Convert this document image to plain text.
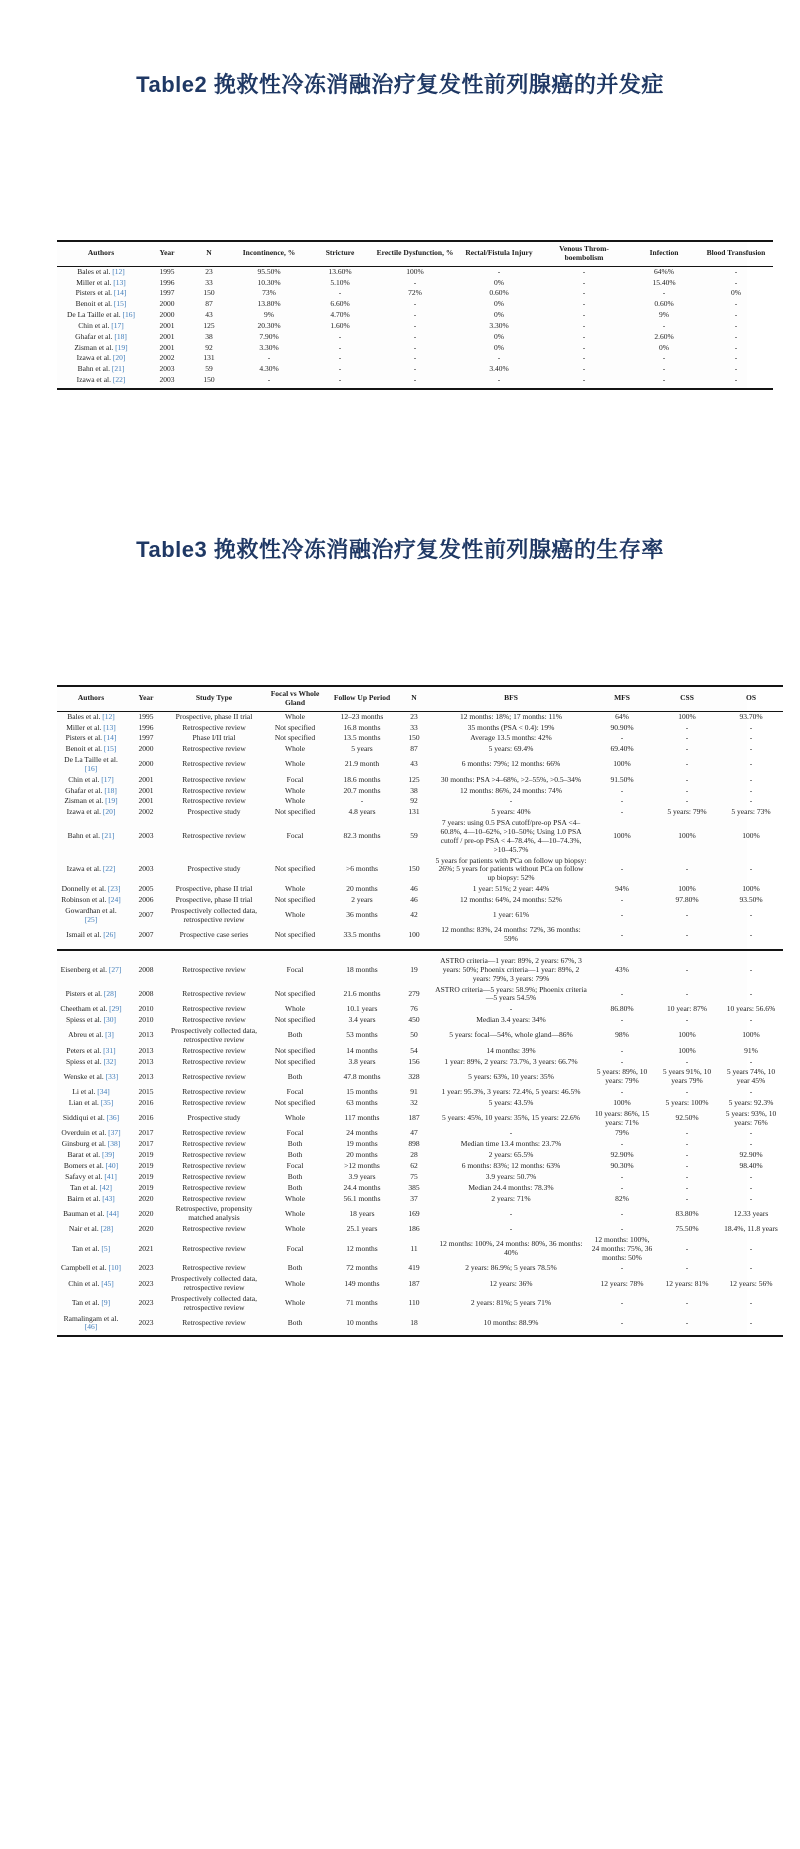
Table2 挽救性冷冻消融治疗复发性前列腺癌的并发症
Authors	Year	N	Incontinence, %	Stricture	Erectile Dysfunction, %	Rectal/Fistula Injury	Venous Throm- boembolism	Infection	Blood Transfusion
Bales et al. [12]	1995	23	95.50%	13.60%	100%	-	-	64%%	-
Miller et al. [13]	1996	33	10.30%	5.10%	-	0%	-	15.40%	-
Pisters et al. [14]	1997	150	73%	-	72%	0.60%	-	-	0%
Benoit et al. [15]	2000	87	13.80%	6.60%	-	0%	-	0.60%	-
De La Taille et al. [16]	2000	43	9%	4.70%	-	0%	-	9%	-
Chin et al. [17]	2001	125	20.30%	1.60%	-	3.30%	-	-	-
Ghafar et al. [18]	2001	38	7.90%	-	-	0%	-	2.60%	-
Zisman et al. [19]	2001	92	3.30%	-	-	0%	-	0%	-
Izawa et al. [20]	2002	131	-	-	-	-	-	-	-
Bahn et al. [21]	2003	59	4.30%	-	-	3.40%	-	-	-
Izawa et al. [22]	2003	150	-	-	-	-	-	-	-
Table3 挽救性冷冻消融治疗复发性前列腺癌的生存率
Authors	Year	Study Type	Focal vs Whole Gland	Follow Up Period	N	BFS	MFS	CSS	OS
Bales et al. [12]	1995	Prospective, phase II trial	Whole	12–23 months	23	12 months: 18%; 17 months: 11%	64%	100%	93.70%
Miller et al. [13]	1996	Retrospective review	Not specified	16.8 months	33	35 months (PSA < 0.4): 19%	90.90%	-	-
Pisters et al. [14]	1997	Phase I/II trial	Not specified	13.5 months	150	Average 13.5 months: 42%	-	-	-
Benoit et al. [15]	2000	Retrospective review	Whole	5 years	87	5 years: 69.4%	69.40%	-	-
De La Taille et al. [16]	2000	Retrospective review	Whole	21.9 month	43	6 months: 79%; 12 months: 66%	100%	-	-
Chin et al. [17]	2001	Retrospective review	Focal	18.6 months	125	30 months: PSA >4–68%, >2–55%, >0.5–34%	91.50%	-	-
Ghafar et al. [18]	2001	Retrospective review	Whole	20.7 months	38	12 months: 86%, 24 months: 74%	-	-	-
Zisman et al. [19]	2001	Retrospective review	Whole	-	92	-	-	-	-
Izawa et al. [20]	2002	Prospective study	Not specified	4.8 years	131	5 years: 40%	-	5 years: 79%	5 years: 73%
Bahn et al. [21]	2003	Retrospective review	Focal	82.3 months	59	7 years: using 0.5 PSA cutoff/pre-op PSA <4–60.8%, 4—10–62%, >10–50%; Using 1.0 PSA cutoff / pre-op PSA < 4–78.4%, 4—10–74.3%, >10–45.7%	100%	100%	100%
Izawa et al. [22]	2003	Prospective study	Not specified	>6 months	150	5 years for patients with PCa on follow up biopsy: 26%; 5 years for patients without PCa on follow up biopsy: 52%	-	-	-
Donnelly et al. [23]	2005	Prospective, phase II trial	Whole	20 months	46	1 year: 51%; 2 year: 44%	94%	100%	100%
Robinson et al. [24]	2006	Prospective, phase II trial	Not specified	2 years	46	12 months: 64%, 24 months: 52%	-	97.80%	93.50%
Gowardhan et al. [25]	2007	Prospectively collected data, retrospective review	Whole	36 months	42	1 year: 61%	-	-	-
Ismail et al. [26]	2007	Prospective case series	Not specified	33.5 months	100	12 months: 83%, 24 months: 72%, 36 months: 59%	-	-	-
Eisenberg et al. [27]	2008	Retrospective review	Focal	18 months	19	ASTRO criteria—1 year: 89%, 2 years: 67%, 3 years: 50%; Phoenix criteria—1 year: 89%, 2 years: 79%, 3 years: 79%	43%	-	-
Pisters et al. [28]	2008	Retrospective review	Not specified	21.6 months	279	ASTRO criteria—5 years: 58.9%; Phoenix criteria—5 years 54.5%	-	-	-
Cheetham et al. [29]	2010	Retrospective review	Whole	10.1 years	76	-	86.80%	10 year: 87%	10 years: 56.6%
Spiess et al. [30]	2010	Retrospective review	Not specified	3.4 years	450	Median 3.4 years: 34%	-	-	-
Abreu et al. [3]	2013	Prospectively collected data, retrospective review	Both	53 months	50	5 years: focal—54%, whole gland—86%	98%	100%	100%
Peters et al. [31]	2013	Retrospective review	Not specified	14 months	54	14 months: 39%	-	100%	91%
Spiess et al. [32]	2013	Retrospective review	Not specified	3.8 years	156	1 year: 89%, 2 years: 73.7%, 3 years: 66.7%	-	-	-
Wenske et al. [33]	2013	Retrospective review	Both	47.8 months	328	5 years: 63%, 10 years: 35%	5 years: 89%, 10 years: 79%	5 years 91%, 10 years 79%	5 years 74%, 10 year 45%
Li et al. [34]	2015	Retrospective review	Focal	15 months	91	1 year: 95.3%, 3 years: 72.4%, 5 years: 46.5%	-	-	-
Lian et al. [35]	2016	Retrospective review	Not specified	63 months	32	5 years: 43.5%	100%	5 years: 100%	5 years: 92.3%
Siddiqui et al. [36]	2016	Prospective study	Whole	117 months	187	5 years: 45%, 10 years: 35%, 15 years: 22.6%	10 years: 86%, 15 years: 71%	92.50%	5 years: 93%, 10 years: 76%
Overduin et al. [37]	2017	Retrospective review	Focal	24 months	47	-	79%	-	-
Ginsburg et al. [38]	2017	Retrospective review	Both	19 months	898	Median time 13.4 months: 23.7%	-	-	-
Barat et al. [39]	2019	Retrospective review	Both	20 months	28	2 years: 65.5%	92.90%	-	92.90%
Bomers et al. [40]	2019	Retrospective review	Focal	>12 months	62	6 months: 83%; 12 months: 63%	90.30%	-	98.40%
Safavy et al. [41]	2019	Retrospective review	Both	3.9 years	75	3.9 years: 50.7%	-	-	-
Tan et al. [42]	2019	Retrospective review	Both	24.4 months	385	Median 24.4 months: 78.3%	-	-	-
Bairn et al. [43]	2020	Retrospective review	Whole	56.1 months	37	2 years: 71%	82%	-	-
Bauman et al. [44]	2020	Retrospective, propensity matched analysis	Whole	18 years	169	-	-	83.80%	12.33 years
Nair et al. [28]	2020	Retrospective review	Whole	25.1 years	186	-	-	75.50%	18.4%, 11.8 years
Tan et al. [5]	2021	Retrospective review	Focal	12 months	11	12 months: 100%, 24 months: 80%, 36 months: 40%	12 months: 100%, 24 months: 75%, 36 months: 50%	-	-
Campbell et al. [10]	2023	Retrospective review	Both	72 months	419	2 years: 86.9%; 5 years 78.5%	-	-	-
Chin et al. [45]	2023	Prospectively collected data, retrospective review	Whole	149 months	187	12 years: 36%	12 years: 78%	12 years: 81%	12 years: 56%
Tan et al. [9]	2023	Prospectively collected data, retrospective review	Whole	71 months	110	2 years: 81%; 5 years 71%	-	-	-
Ramalingam et al. [46]	2023	Retrospective review	Both	10 months	18	10 months: 88.9%	-	-	-
